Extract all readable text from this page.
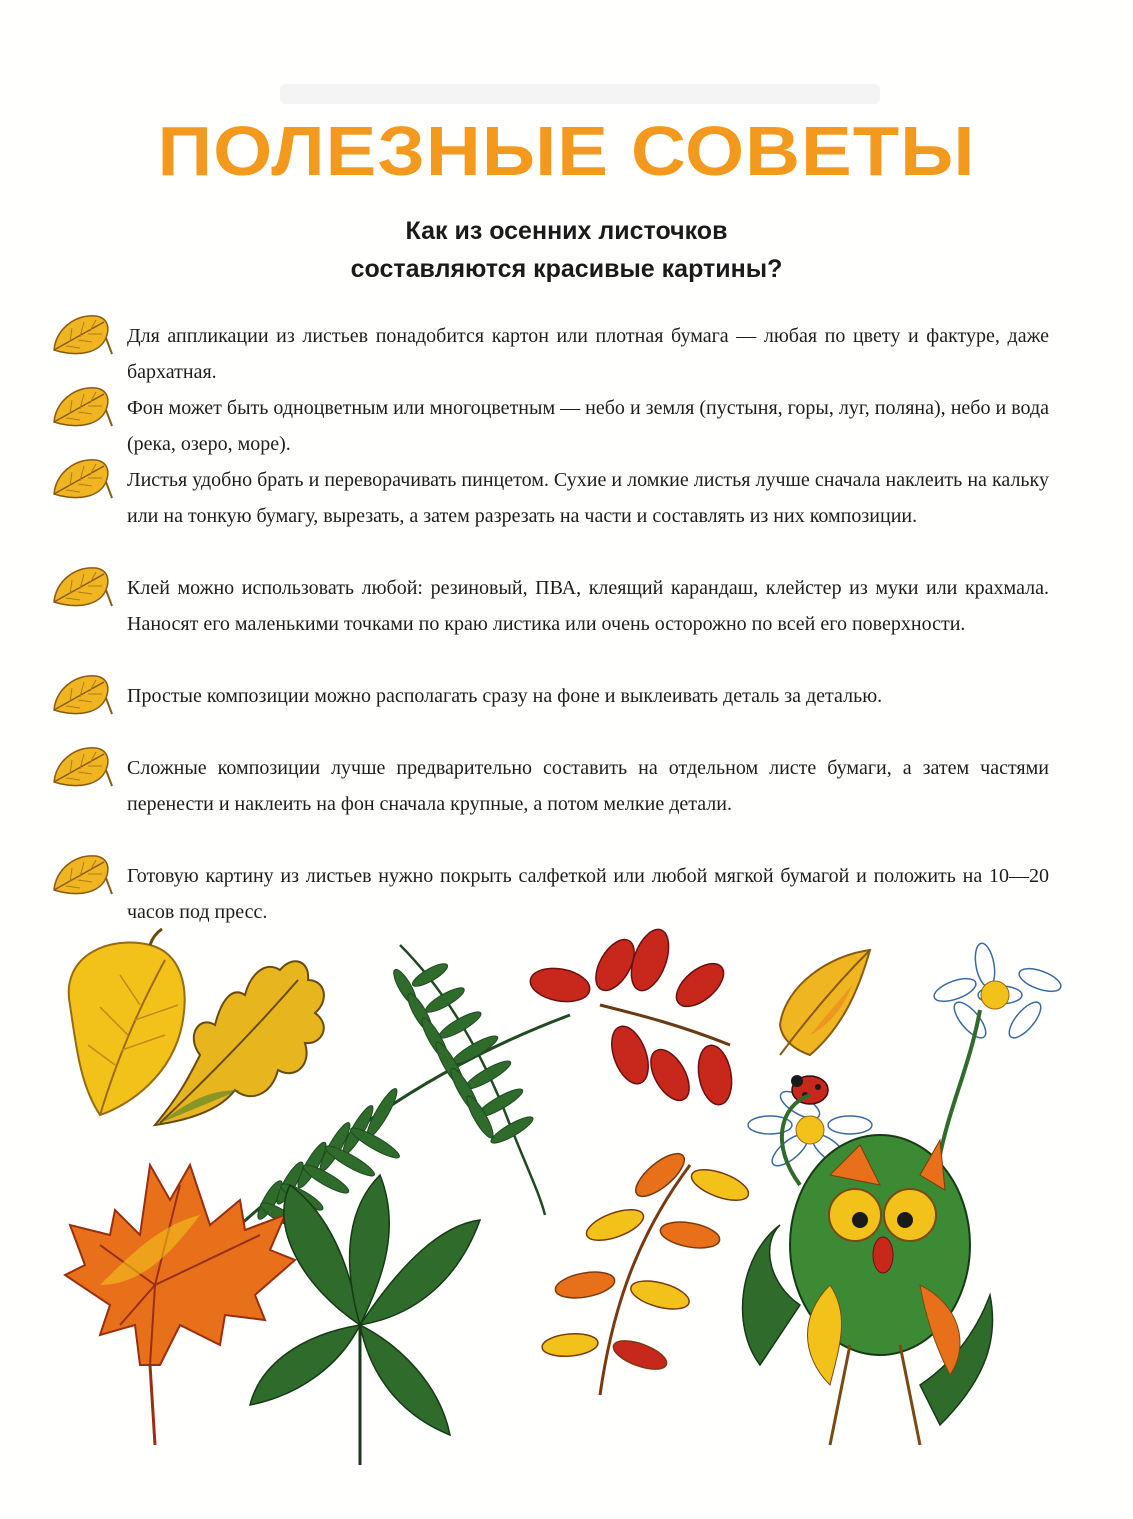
ПОЛЕЗНЫЕ СОВЕТЫ
Как из осенних листочков
составляются красивые картины?
Для аппликации из листьев понадобится картон или плотная бумага — любая по цвету и фактуре, даже бархатная.
Фон может быть одноцветным или многоцветным — небо и земля (пустыня, горы, луг, поляна), небо и вода (река, озеро, море).
Листья удобно брать и переворачивать пинцетом. Сухие и ломкие листья лучше сначала наклеить на кальку или на тонкую бумагу, вырезать, а затем разрезать на части и составлять из них композиции.
Клей можно использовать любой: резиновый, ПВА, клеящий карандаш, клейстер из муки или крахмала. Наносят его маленькими точками по краю листика или очень осторожно по всей его поверхности.
Простые композиции можно располагать сразу на фоне и выклеивать деталь за деталью.
Сложные композиции лучше предварительно составить на отдельном листе бумаги, а затем частями перенести и наклеить на фон сначала крупные, а потом мелкие детали.
Готовую картину из листьев нужно покрыть салфеткой или любой мягкой бумагой и положить на 10—20 часов под пресс.
